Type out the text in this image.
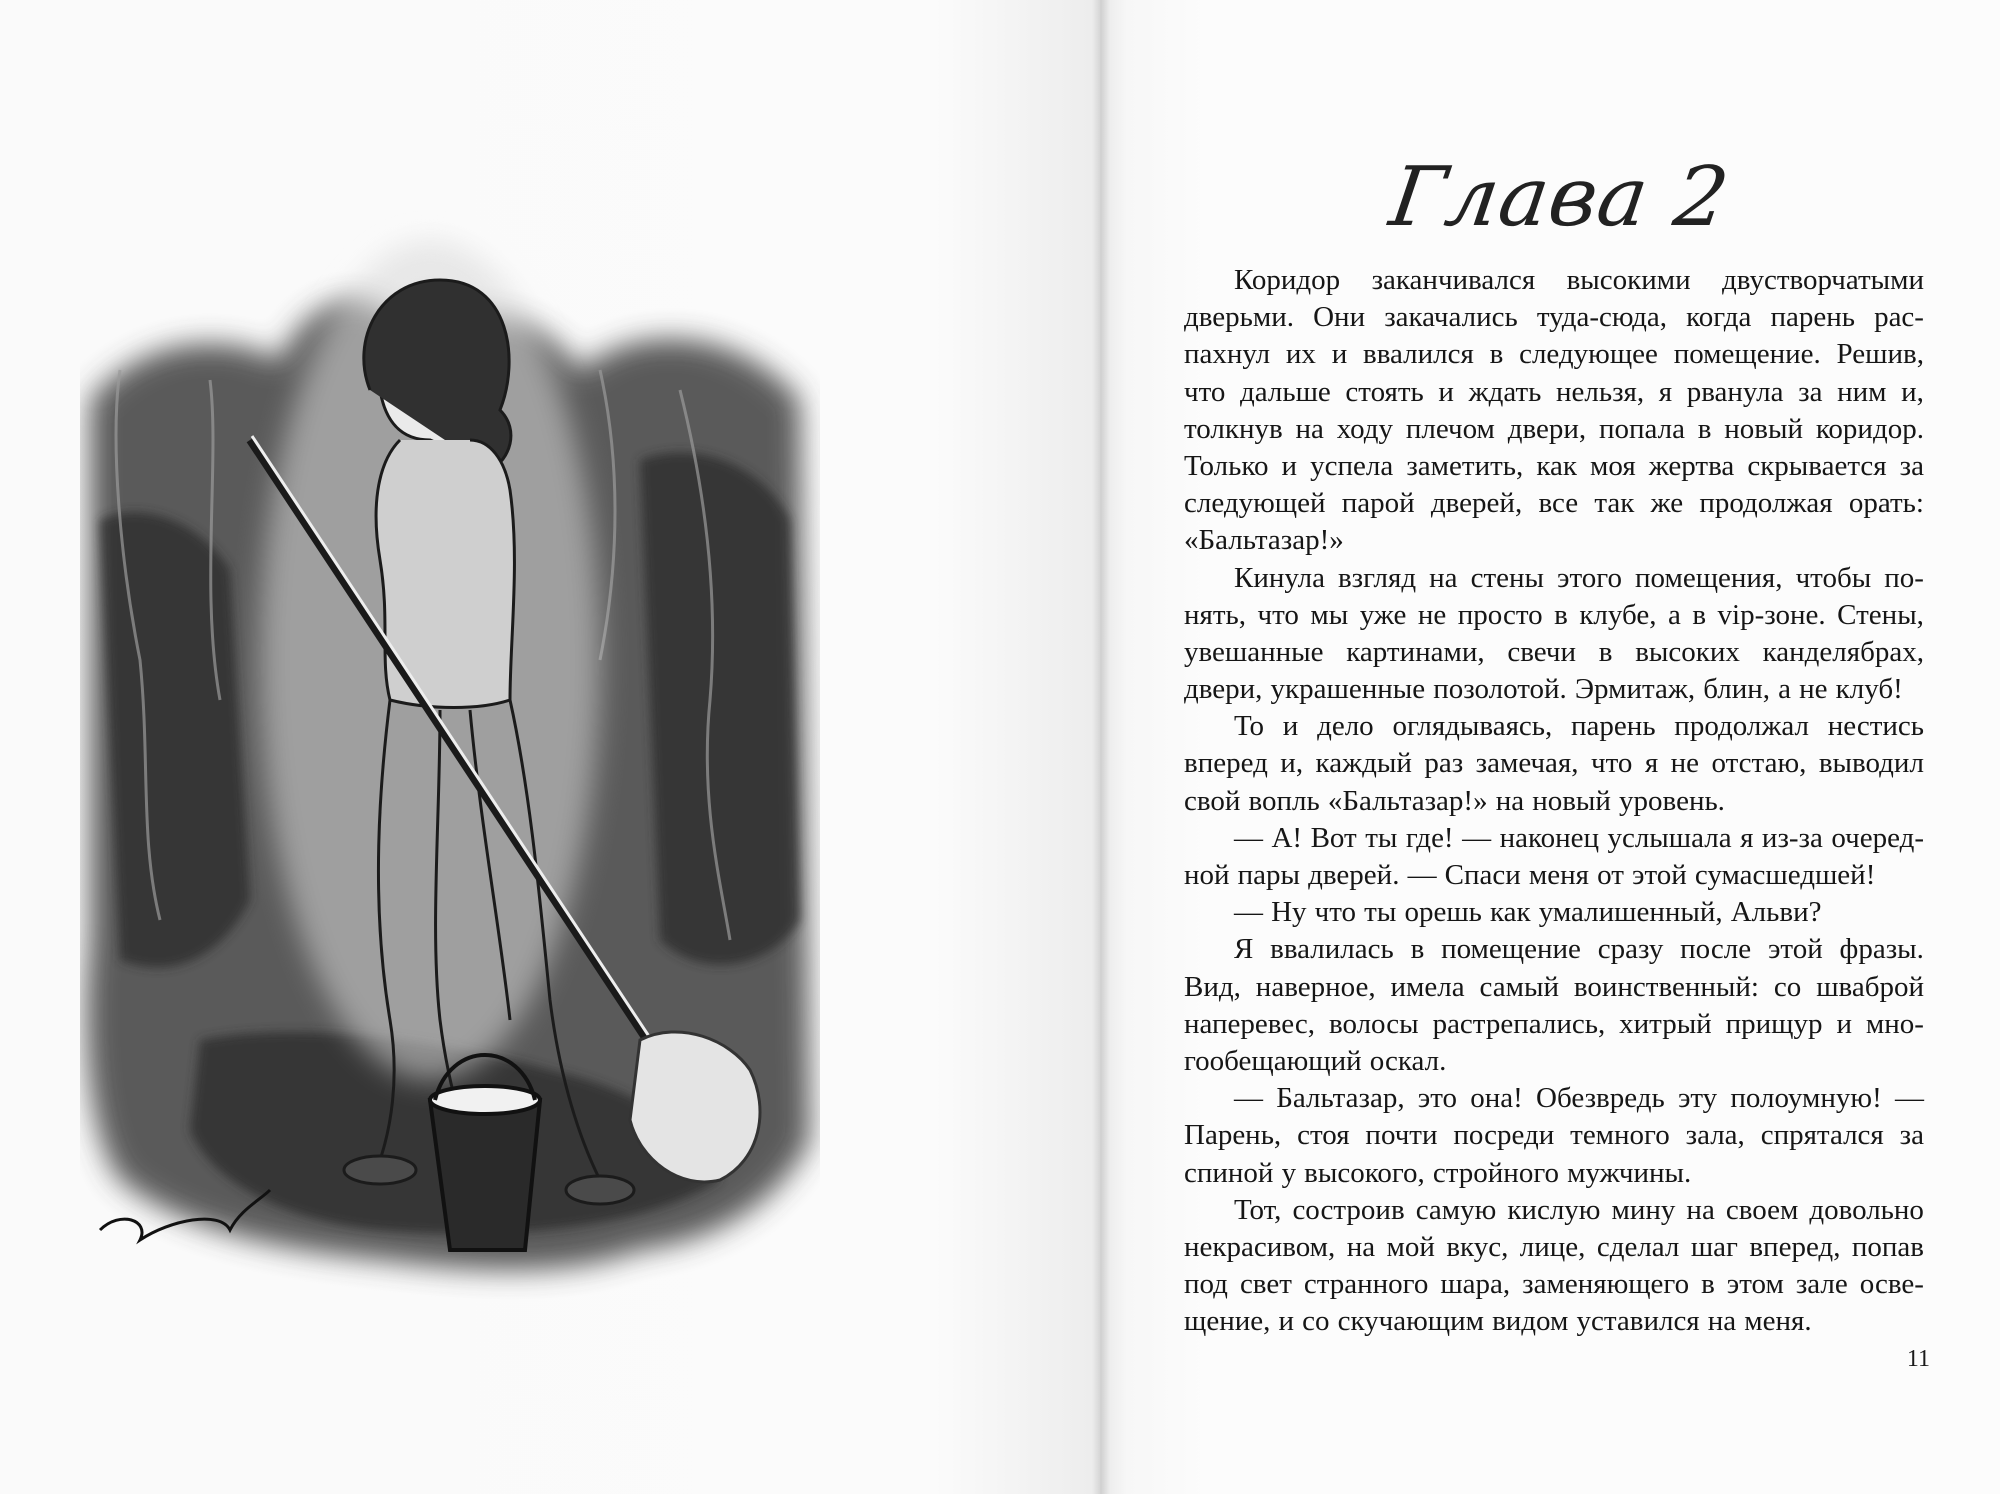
Глава 2
Коридор заканчивался высокими двустворчатыми
дверьми. Они закачались туда-сюда, когда парень рас-
пахнул их и ввалился в следующее помещение. Решив,
что дальше стоять и ждать нельзя, я рванула за ним и,
толкнув на ходу плечом двери, попала в новый коридор.
Только и успела заметить, как моя жертва скрывается за
следующей парой дверей, все так же продолжая орать:
«Бальтазар!»
Кинула взгляд на стены этого помещения, чтобы по-
нять, что мы уже не просто в клубе, а в vip-зоне. Стены,
увешанные картинами, свечи в высоких канделябрах,
двери, украшенные позолотой. Эрмитаж, блин, а не клуб!
То и дело оглядываясь, парень продолжал нестись
вперед и, каждый раз замечая, что я не отстаю, выводил
свой вопль «Бальтазар!» на новый уровень.
— А! Вот ты где! — наконец услышала я из-за очеред-
ной пары дверей. — Спаси меня от этой сумасшедшей!
— Ну что ты орешь как умалишенный, Альви?
Я ввалилась в помещение сразу после этой фразы.
Вид, наверное, имела самый воинственный: со шваброй
наперевес, волосы растрепались, хитрый прищур и мно-
гообещающий оскал.
— Бальтазар, это она! Обезвредь эту полоумную! —
Парень, стоя почти посреди темного зала, спрятался за
спиной у высокого, стройного мужчины.
Тот, состроив самую кислую мину на своем довольно
некрасивом, на мой вкус, лице, сделал шаг вперед, попав
под свет странного шара, заменяющего в этом зале осве-
щение, и со скучающим видом уставился на меня.
11
